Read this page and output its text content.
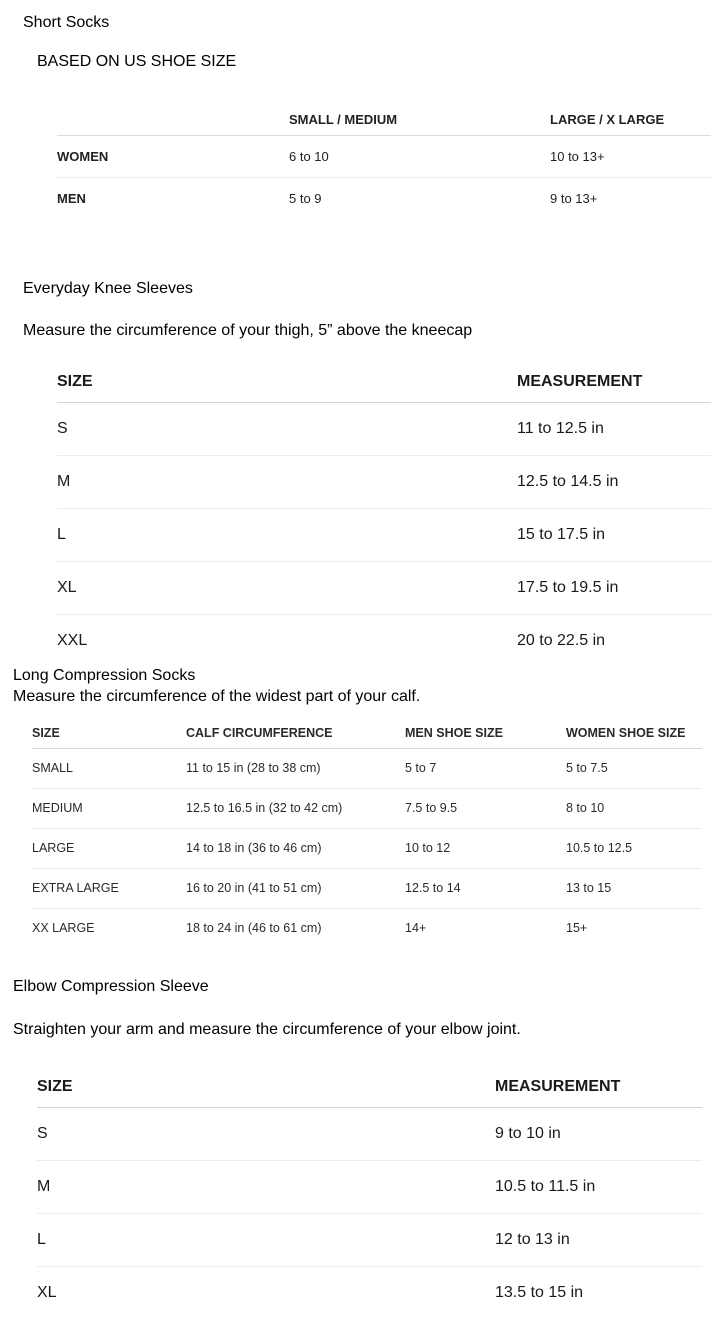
Short Socks
BASED ON US SHOE SIZE
	SMALL / MEDIUM	LARGE / X LARGE
WOMEN	6 to 10	10 to 13+
MEN	5 to 9	9 to 13+
Everyday Knee Sleeves
Measure the circumference of your thigh, 5” above the kneecap
SIZE	MEASUREMENT
S	11 to 12.5 in
M	12.5 to 14.5 in
L	15 to 17.5 in
XL	17.5 to 19.5 in
XXL	20 to 22.5 in
Long Compression Socks
Measure the circumference of the widest part of your calf.
SIZE	CALF CIRCUMFERENCE	MEN SHOE SIZE	WOMEN SHOE SIZE
SMALL	11 to 15 in (28 to 38 cm)	5 to 7	5 to 7.5
MEDIUM	12.5 to 16.5 in (32 to 42 cm)	7.5 to 9.5	8 to 10
LARGE	14 to 18 in (36 to 46 cm)	10 to 12	10.5 to 12.5
EXTRA LARGE	16 to 20 in (41 to 51 cm)	12.5 to 14	13 to 15
XX LARGE	18 to 24 in (46 to 61 cm)	14+	15+
Elbow Compression Sleeve
Straighten your arm and measure the circumference of your elbow joint.
SIZE	MEASUREMENT
S	9 to 10 in
M	10.5 to 11.5 in
L	12 to 13 in
XL	13.5 to 15 in
